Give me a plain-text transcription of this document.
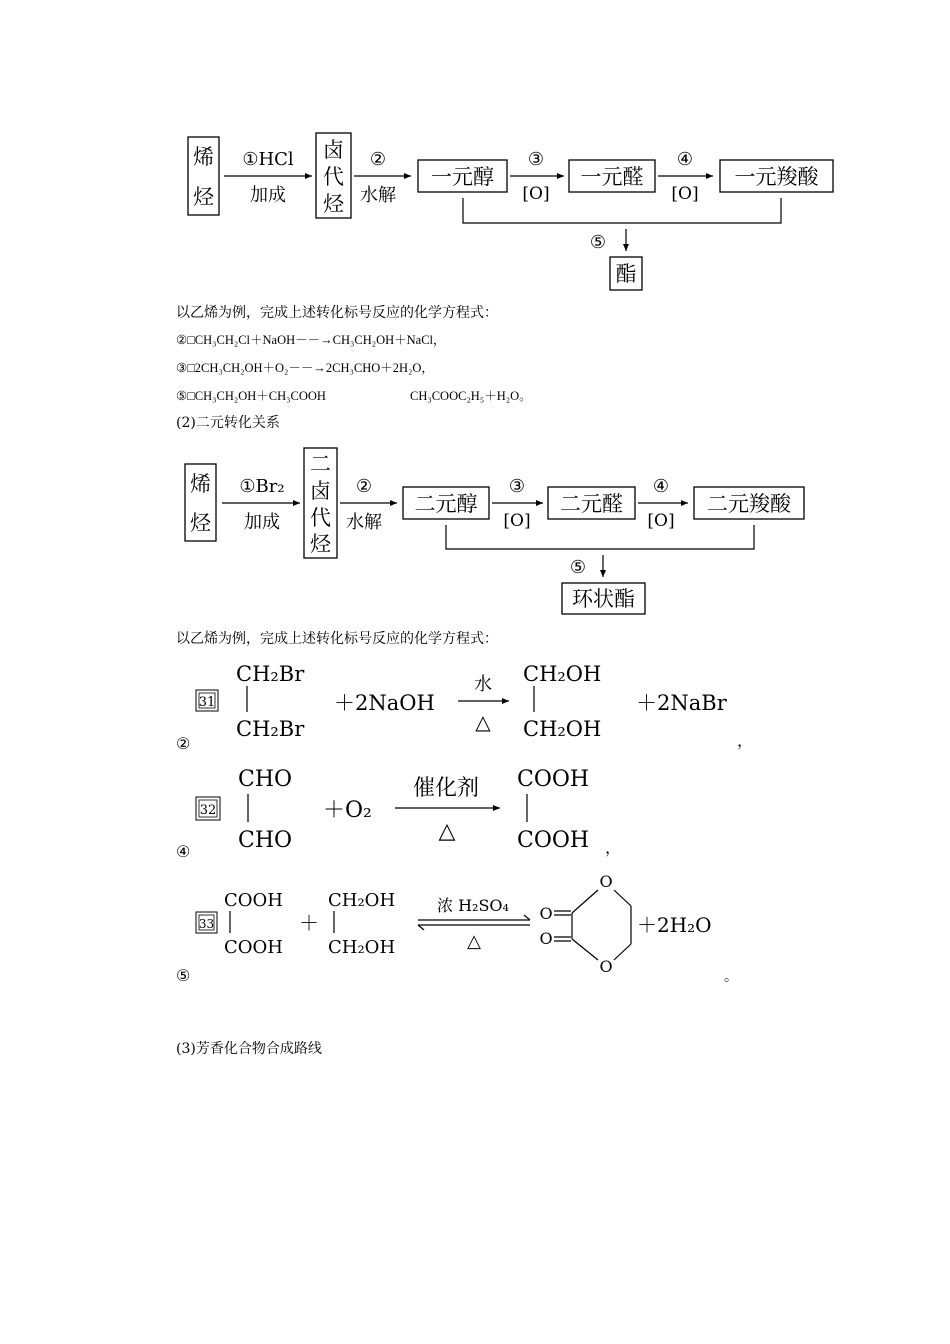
烯
烃
①HCl
加成
卤
代
烃
②
水解
一元醇
③
[O]
一元醛
④
[O]
一元羧酸
⑤
酯
烯
烃
①Br₂
加成
二
卤
代
烃
②
水解
二元醇
③
[O]
二元醛
④
[O]
二元羧酸
⑤
环状酯
31
CH₂Br
CH₂Br
＋2NaOH
水
△
CH₂OH
CH₂OH
＋2NaBr
②	，
32
CHO
CHO
＋O₂
催化剂
△
COOH
COOH
④	，
33
COOH
COOH
＋
CH₂OH
CH₂OH
浓 H₂SO₄
△
O
O
O
O
＋2H₂O
⑤	。

以乙烯为例，完成上述转化标号反应的化学方程式：

②□CH₃CH₂Cl＋NaOH－－→CH₃CH₂OH＋NaCl，
③□2CH₃CH₂OH＋O₂－－→2CH₃CHO＋2H₂O，
⑤□CH₃CH₂OH＋CH₃COOH	CH₃COOC₂H₅＋H₂O。

(2)二元转化关系

以乙烯为例，完成上述转化标号反应的化学方程式：

(3)芳香化合物合成路线
